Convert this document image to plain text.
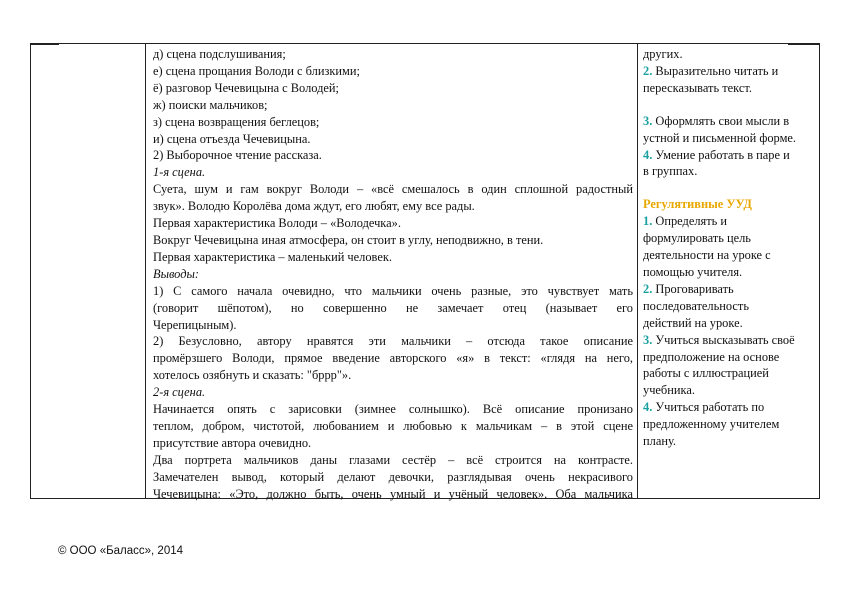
д) сцена подслушивания;
е) сцена прощания Володи с близкими;
ё) разговор Чечевицына с Володей;
ж) поиски мальчиков;
з) сцена возвращения беглецов;
и) сцена отъезда Чечевицына.
2) Выборочное чтение рассказа.
1-я сцена.
Суета, шум и гам вокруг Володи – «всё смешалось в один сплошной радостный
звук». Володю Королёва дома ждут, его любят, ему все рады.
Первая характеристика Володи – «Володечка».
Вокруг Чечевицына иная атмосфера, он стоит в углу, неподвижно, в тени.
Первая характеристика – маленький человек.
Выводы:
1) С самого начала очевидно, что мальчики очень разные, это чувствует мать
(говорит шёпотом), но совершенно не замечает отец (называет его
Черепицыным).
2) Безусловно, автору нравятся эти мальчики – отсюда такое описание
промёрзшего Володи, прямое введение авторского «я» в текст: «глядя на него,
хотелось озябнуть и сказать: "бррр"».
2-я сцена.
Начинается опять с зарисовки (зимнее солнышко). Всё описание пронизано
теплом, добром, чистотой, любованием и любовью к мальчикам – в этой сцене
присутствие автора очевидно.
Два портрета мальчиков даны глазами сестёр – всё строится на контрасте.
Замечателен вывод, который делают девочки, разглядывая очень некрасивого
Чечевицына: «Это, должно быть, очень умный и учёный человек». Оба мальчика
других.
2. Выразительно читать и
пересказывать текст.
3. Оформлять свои мысли в
устной и письменной форме.
4. Умение работать в паре и
в группах.
Регулятивные УУД
1. Определять и
формулировать цель
деятельности на уроке с
помощью учителя.
2. Проговаривать
последовательность
действий на уроке.
3. Учиться высказывать своё
предположение на основе
работы с иллюстрацией
учебника.
4. Учиться работать по
предложенному учителем
плану.
© ООО «Баласс», 2014
